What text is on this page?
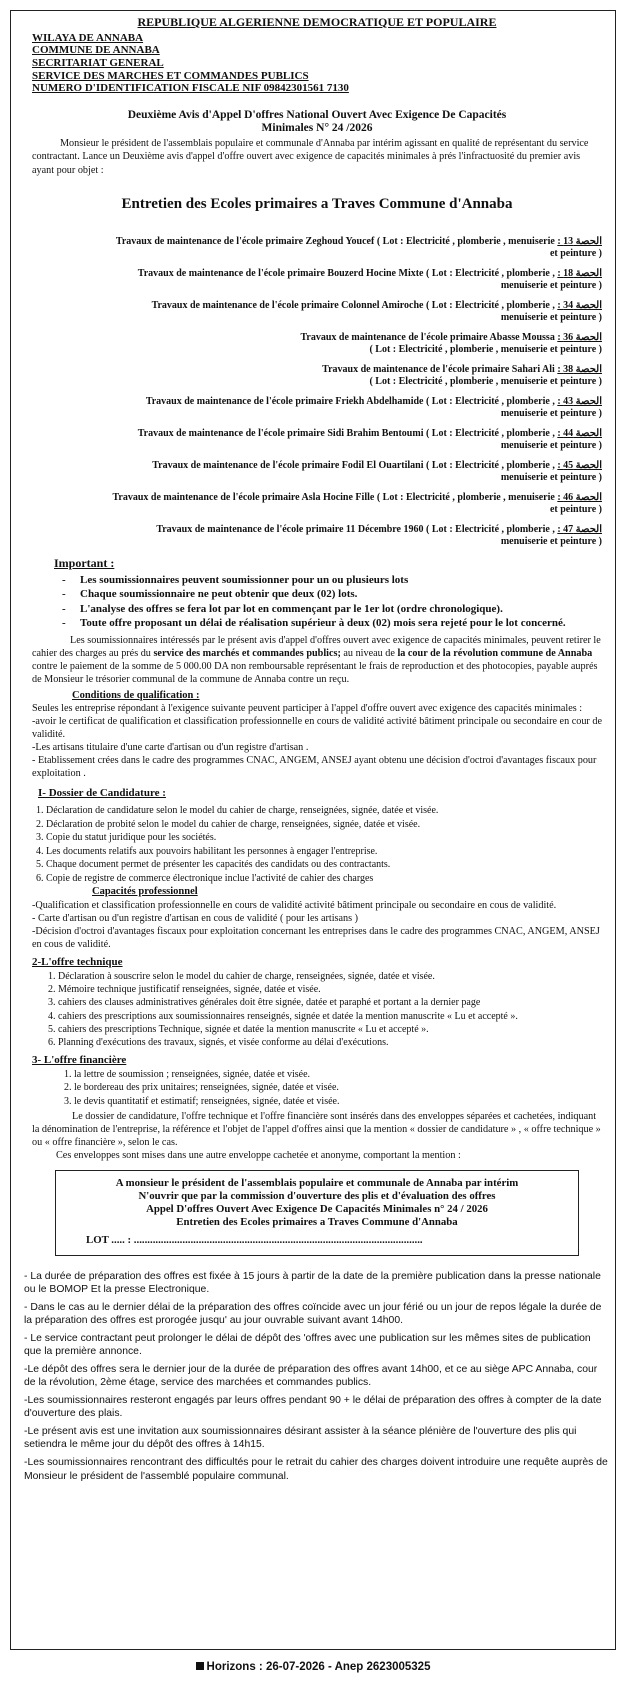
REPUBLIQUE ALGERIENNE DEMOCRATIQUE ET POPULAIRE
WILAYA DE ANNABA
COMMUNE DE ANNABA
SECRITARIAT GENERAL
SERVICE DES MARCHES ET COMMANDES PUBLICS
NUMERO D'IDENTIFICATION FISCALE NIF 09842301561 7130
Deuxième Avis d'Appel D'offres National Ouvert Avec Exigence De Capacités
Minimales N° 24 /2026
Monsieur le président de l'assemblais populaire et communale d'Annaba par intérim agissant en qualité de représentant du service contractant. Lance un Deuxième avis d'appel d'offre ouvert avec exigence de capacités minimales à prés l'infractuosité du premier avis ayant pour objet :
Entretien des Ecoles primaires a Traves Commune d'Annaba
Travaux de maintenance de l'école primaire Zeghoud Youcef ( Lot : Electricité , plomberie , menuiserie الحصة 13 :
et peinture )
Travaux de maintenance de l'école primaire Bouzerd Hocine Mixte ( Lot : Electricité , plomberie , الحصة 18 :
menuiserie et peinture )
Travaux de maintenance de l'école primaire Colonnel Amiroche ( Lot : Electricité , plomberie , الحصة 34 :
menuiserie et peinture )
Travaux de maintenance de l'école primaire Abasse Moussa الحصة 36 :
( Lot : Electricité , plomberie , menuiserie et peinture )
Travaux de maintenance de l'école primaire Sahari Ali الحصة 38 :
( Lot : Electricité , plomberie , menuiserie et peinture )
Travaux de maintenance de l'école primaire Friekh Abdelhamide ( Lot : Electricité , plomberie , الحصة 43 :
menuiserie et peinture )
Travaux de maintenance de l'école primaire Sidi Brahim Bentoumi ( Lot : Electricité , plomberie , الحصة 44 :
menuiserie et peinture )
Travaux de maintenance de l'école primaire Fodil El Ouartilani ( Lot : Electricité , plomberie , الحصة 45 :
menuiserie et peinture )
Travaux de maintenance de l'école primaire Asla Hocine Fille ( Lot : Electricité , plomberie , menuiserie الحصة 46 :
et peinture )
Travaux de maintenance de l'école primaire 11 Décembre 1960 ( Lot : Electricité , plomberie , الحصة 47 :
menuiserie et peinture )
Important :
- Les soumissionnaires peuvent soumissionner pour un ou plusieurs lots
- Chaque soumissionnaire ne peut obtenir que deux (02) lots.
- L'analyse des offres se fera lot par lot en commençant par le 1er lot (ordre chronologique).
- Toute offre proposant un délai de réalisation supérieur à deux (02) mois sera rejeté pour le lot concerné.
Les soumissionnaires intéressés par le présent avis d'appel d'offres ouvert avec exigence de capacités minimales, peuvent retirer le cahier des charges au prés du service des marchés et commandes publics; au niveau de la cour de la révolution commune de Annaba contre le paiement de la somme de 5 000.00 DA non remboursable représentant le frais de reproduction et des photocopies, payable auprés de Monsieur le trésorier communal de la commune de Annaba contre un reçu.
Conditions de qualification :
Seules les entreprise répondant à l'exigence suivante peuvent participer à l'appel d'offre ouvert avec exigence des capacités minimales :
-avoir le certificat de qualification et classification professionnelle en cours de validité activité bâtiment principale ou secondaire en cour de validité.
-Les artisans titulaire d'une carte d'artisan ou d'un registre d'artisan .
- Etablissement crées dans le cadre des programmes CNAC, ANGEM, ANSEJ ayant obtenu une décision d'octroi d'avantages fiscaux pour exploitation .
I- Dossier de Candidature :
1. Déclaration de candidature selon le model du cahier de charge, renseignées, signée, datée et visée.
2. Déclaration de probité selon le model du cahier de charge, renseignées, signée, datée et visée.
3. Copie du statut juridique pour les sociétés.
4. Les documents relatifs aux pouvoirs habilitant les personnes à engager l'entreprise.
5. Chaque document permet de présenter les capacités des candidats ou des contractants.
6. Copie de registre de commerce électronique inclue l'activité de cahier des charges
Capacités professionnel
-Qualification et classification professionnelle en cours de validité activité bâtiment principale ou secondaire en cous de validité.
- Carte d'artisan ou d'un registre d'artisan en cous de validité ( pour les artisans )
-Décision d'octroi d'avantages fiscaux pour exploitation concernant les entreprises dans le cadre des programmes CNAC, ANGEM, ANSEJ en cous de validité.
2-L'offre technique
1. Déclaration à souscrire selon le model du cahier de charge, renseignées, signée, datée et visée.
2. Mémoire technique justificatif renseignées, signée, datée et visée.
3. cahiers des clauses administratives générales doit être signée, datée et paraphé et portant a la dernier page
4. cahiers des prescriptions aux soumissionnaires renseignés, signée et datée la mention manuscrite « Lu et accepté ».
5. cahiers des prescriptions Technique, signée et datée la mention manuscrite « Lu et accepté ».
6. Planning d'exécutions des travaux, signés, et visée conforme au délai d'exécutions.
3- L'offre financière
1. la lettre de soumission ; renseignées, signée, datée et visée.
2. le bordereau des prix unitaires; renseignées, signée, datée et visée.
3. le devis quantitatif et estimatif; renseignées, signée, datée et visée.
Le dossier de candidature, l'offre technique et l'offre financière sont insérés dans des enveloppes séparées et cachetées, indiquant la dénomination de l'entreprise, la référence et l'objet de l'appel d'offres ainsi que la mention « dossier de candidature » , « offre technique » ou « offre financière », selon le cas.
Ces enveloppes sont mises dans une autre enveloppe cachetée et anonyme, comportant la mention :
A monsieur le président de l'assemblais populaire et communale de Annaba par intérim
N'ouvrir que par la commission d'ouverture des plis et d'évaluation des offres
Appel D'offres Ouvert Avec Exigence De Capacités Minimales n° 24 / 2026
Entretien des Ecoles primaires a Traves Commune d'Annaba
LOT ..... : ...........................................................................................................

- La durée de préparation des offres est fixée à 15 jours à partir de la date de la première publication dans la presse nationale ou le BOMOP Et la presse Electronique.

- Dans le cas au le dernier délai de la préparation des offres coïncide avec un jour férié ou un jour de repos légale la durée de la préparation des offres est prorogée jusqu' au jour ouvrable suivant avant 14h00.

- Le service contractant peut prolonger le délai de dépôt des 'offres avec une publication sur les mêmes sites de publication que la première annonce.

-Le dépôt des offres sera le dernier jour de la durée de préparation des offres avant 14h00, et ce au siège APC Annaba, cour de la révolution, 2ème étage, service des marchées et commandes publics.

-Les soumissionnaires resteront engagés par leurs offres pendant 90 + le délai de préparation des offres à compter de la date d'ouverture des plais.

-Le présent avis est une invitation aux soumissionnaires désirant assister à la séance plénière de l'ouverture des plis qui setiendra le même jour du dépôt des offres à 14h15.

-Les soumissionnaires rencontrant des difficultés pour le retrait du cahier des charges doivent introduire une requête auprès de Monsieur le président de l'assemblé populaire communal.

Horizons : 26-07-2026 - Anep 2623005325
